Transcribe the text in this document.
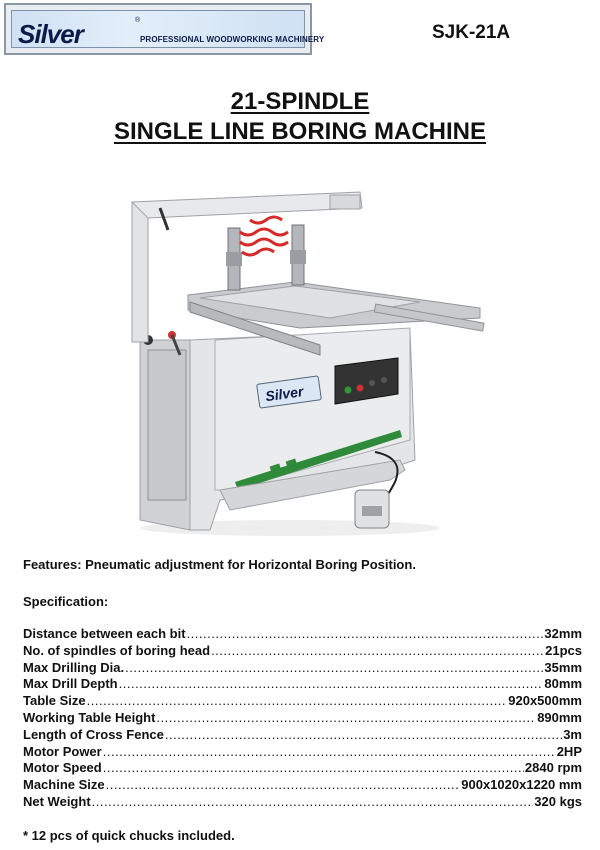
Silver	®
PROFESSIONAL WOODWORKING MACHINERY	SJK-21A
21-SPINDLE
SINGLE LINE BORING MACHINE
Silver
Features: Pneumatic adjustment for Horizontal Boring Position.
Specification:
Distance between each bit .....	32mm
No. of spindles of boring head .....	21pcs
Max Drilling Dia. .....	35mm
Max Drill Depth .....	80mm
Table Size .....	920x500mm
Working Table Height .....	890mm
Length of Cross Fence .....	3m
Motor Power .....	2HP
Motor Speed .....	2840 rpm
Machine Size .....	900x1020x1220 mm
Net Weight .....	320 kgs
* 12 pcs of quick chucks included.
